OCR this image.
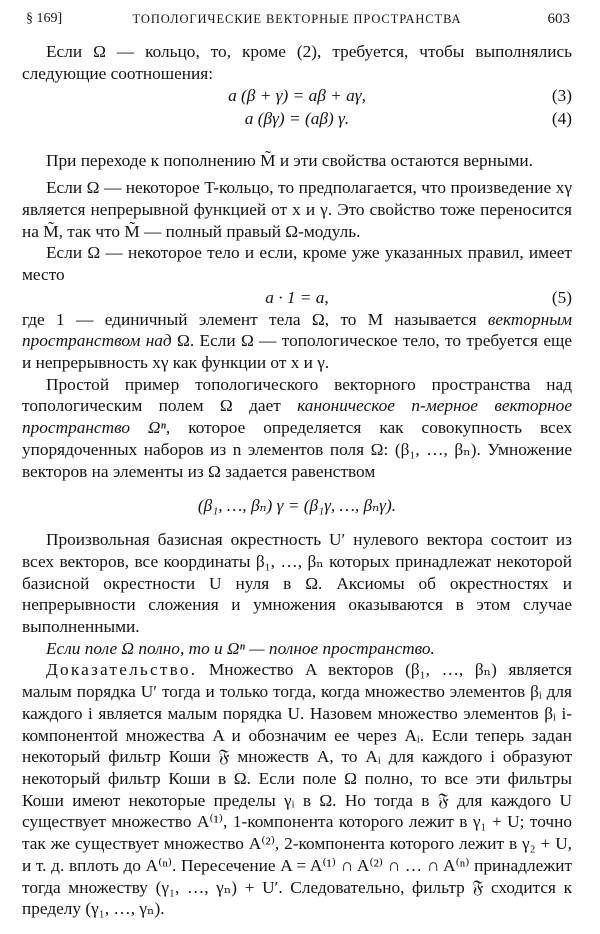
§ 169]	ТОПОЛОГИЧЕСКИЕ ВЕКТОРНЫЕ ПРОСТРАНСТВА	603

Если Ω — кольцо, то, кроме (2), требуется, чтобы выполнялись следующие соотношения:

a (β + γ) = aβ + aγ,	(3)
a (βγ) = (aβ) γ.	(4)

При переходе к пополнению M̃ и эти свойства остаются верными.

Если Ω — некоторое T-кольцо, то предполагается, что произведение xγ является непрерывной функцией от x и γ. Это свойство тоже переносится на M̃, так что M̃ — полный правый Ω-модуль.

Если Ω — некоторое тело и если, кроме уже указанных правил, имеет место

a · 1 = a,	(5)

где 1 — единичный элемент тела Ω, то M называется векторным пространством над Ω. Если Ω — топологическое тело, то требуется еще и непрерывность xγ как функции от x и γ.

Простой пример топологического векторного пространства над топологическим полем Ω дает каноническое n-мерное векторное пространство Ωⁿ, которое определяется как совокупность всех упорядоченных наборов из n элементов поля Ω: (β₁, …, βₙ). Умножение векторов на элементы из Ω задается равенством

(β₁, …, βₙ) γ = (β₁γ, …, βₙγ).

Произвольная базисная окрестность U′ нулевого вектора состоит из всех векторов, все координаты β₁, …, βₙ которых принадлежат некоторой базисной окрестности U нуля в Ω. Аксиомы об окрестностях и непрерывности сложения и умножения оказываются в этом случае выполненными.

Если поле Ω полно, то и Ωⁿ — полное пространство.

Доказательство. Множество A векторов (β₁, …, βₙ) является малым порядка U′ тогда и только тогда, когда множество элементов βᵢ для каждого i является малым порядка U. Назовем множество элементов βᵢ i-компонентой множества A и обозначим ее через Aᵢ. Если теперь задан некоторый фильтр Коши 𝔉 множеств A, то Aᵢ для каждого i образуют некоторый фильтр Коши в Ω. Если поле Ω полно, то все эти фильтры Коши имеют некоторые пределы γᵢ в Ω. Но тогда в 𝔉 для каждого U существует множество A⁽¹⁾, 1-компонента которого лежит в γ₁ + U; точно так же существует множество A⁽²⁾, 2-компонента которого лежит в γ₂ + U, и т. д. вплоть до A⁽ⁿ⁾. Пересечение A = A⁽¹⁾ ∩ A⁽²⁾ ∩ … ∩ A⁽ⁿ⁾ принадлежит тогда множеству (γ₁, …, γₙ) + U′. Следовательно, фильтр 𝔉 сходится к пределу (γ₁, …, γₙ).
